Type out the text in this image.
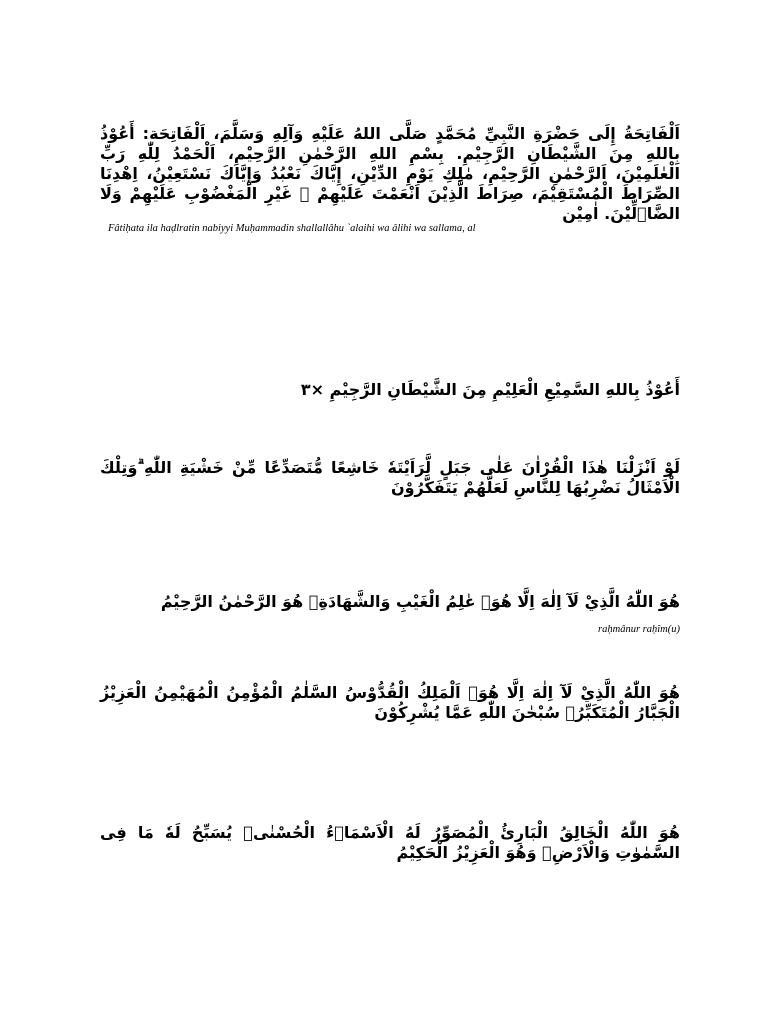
اَلْفَاتِحَةُ إِلَى حَضْرَةِ النَّبِيِّ مُحَمَّدٍ صَلَّى اللهُ عَلَيْهِ وَآلِهِ وَسَلَّمَ، اَلْفَاتِحَة: أَعُوْذُ بِاللهِ مِنَ الشَّيْطَانِ الرَّجِيْمِ. بِسْمِ اللهِ الرَّحْمٰنِ الرَّحِيْمِ، اَلْحَمْدُ لِلّٰهِ رَبِّ الْعٰلَمِيْنَ، اَلرَّحْمٰنِ الرَّحِيْمِ، مٰلِكِ يَوْمِ الدِّيْنِ، إِيَّاكَ نَعْبُدُ وَإِيَّاكَ نَسْتَعِيْنُ، اِهْدِنَا الصِّرَاطَ الْمُسْتَقِيْمَ، صِرَاطَ الَّذِيْنَ اَنْعَمْتَ عَلَيْهِمْ ۙ غَيْرِ الْمَغْضُوْبِ عَلَيْهِمْ وَلَا الضَّاۤلِّيْنَ. اٰمِيْن
Fâtiḥata ila haḍlratin nabiyyi Muḥammadin shallallâhu `alaihi wa âlihi wa sallama, al
أَعُوْذُ بِاللهِ السَّمِيْعِ الْعَلِيْمِ مِنَ الشَّيْطَانِ الرَّجِيْمِ ×٣
لَوْ اَنْزَلْنَا هٰذَا الْقُرْاٰنَ عَلٰى جَبَلٍ لَّرَاَيْتَهٗ خَاشِعًا مُّتَصَدِّعًا مِّنْ خَشْيَةِ اللّٰهِ ۗوَتِلْكَ الْاَمْثَالُ نَضْرِبُهَا لِلنَّاسِ لَعَلَّهُمْ يَتَفَكَّرُوْنَ
هُوَ اللّٰهُ الَّذِيْ لَآ اِلٰهَ اِلَّا هُوَۚ عٰلِمُ الْغَيْبِ وَالشَّهَادَةِۚ هُوَ الرَّحْمٰنُ الرَّحِيْمُ
raḥmânur raḥîm(u)
هُوَ اللّٰهُ الَّذِيْ لَآ اِلٰهَ اِلَّا هُوَۚ اَلْمَلِكُ الْقُدُّوْسُ السَّلٰمُ الْمُؤْمِنُ الْمُهَيْمِنُ الْعَزِيْزُ الْجَبَّارُ الْمُتَكَبِّرُۗ سُبْحٰنَ اللّٰهِ عَمَّا يُشْرِكُوْنَ
هُوَ اللّٰهُ الْخَالِقُ الْبَارِئُ الْمُصَوِّرُ لَهُ الْاَسْمَاۤءُ الْحُسْنٰىۗ يُسَبِّحُ لَهٗ مَا فِى السَّمٰوٰتِ وَالْاَرْضِۚ وَهُوَ الْعَزِيْزُ الْحَكِيْمُ
